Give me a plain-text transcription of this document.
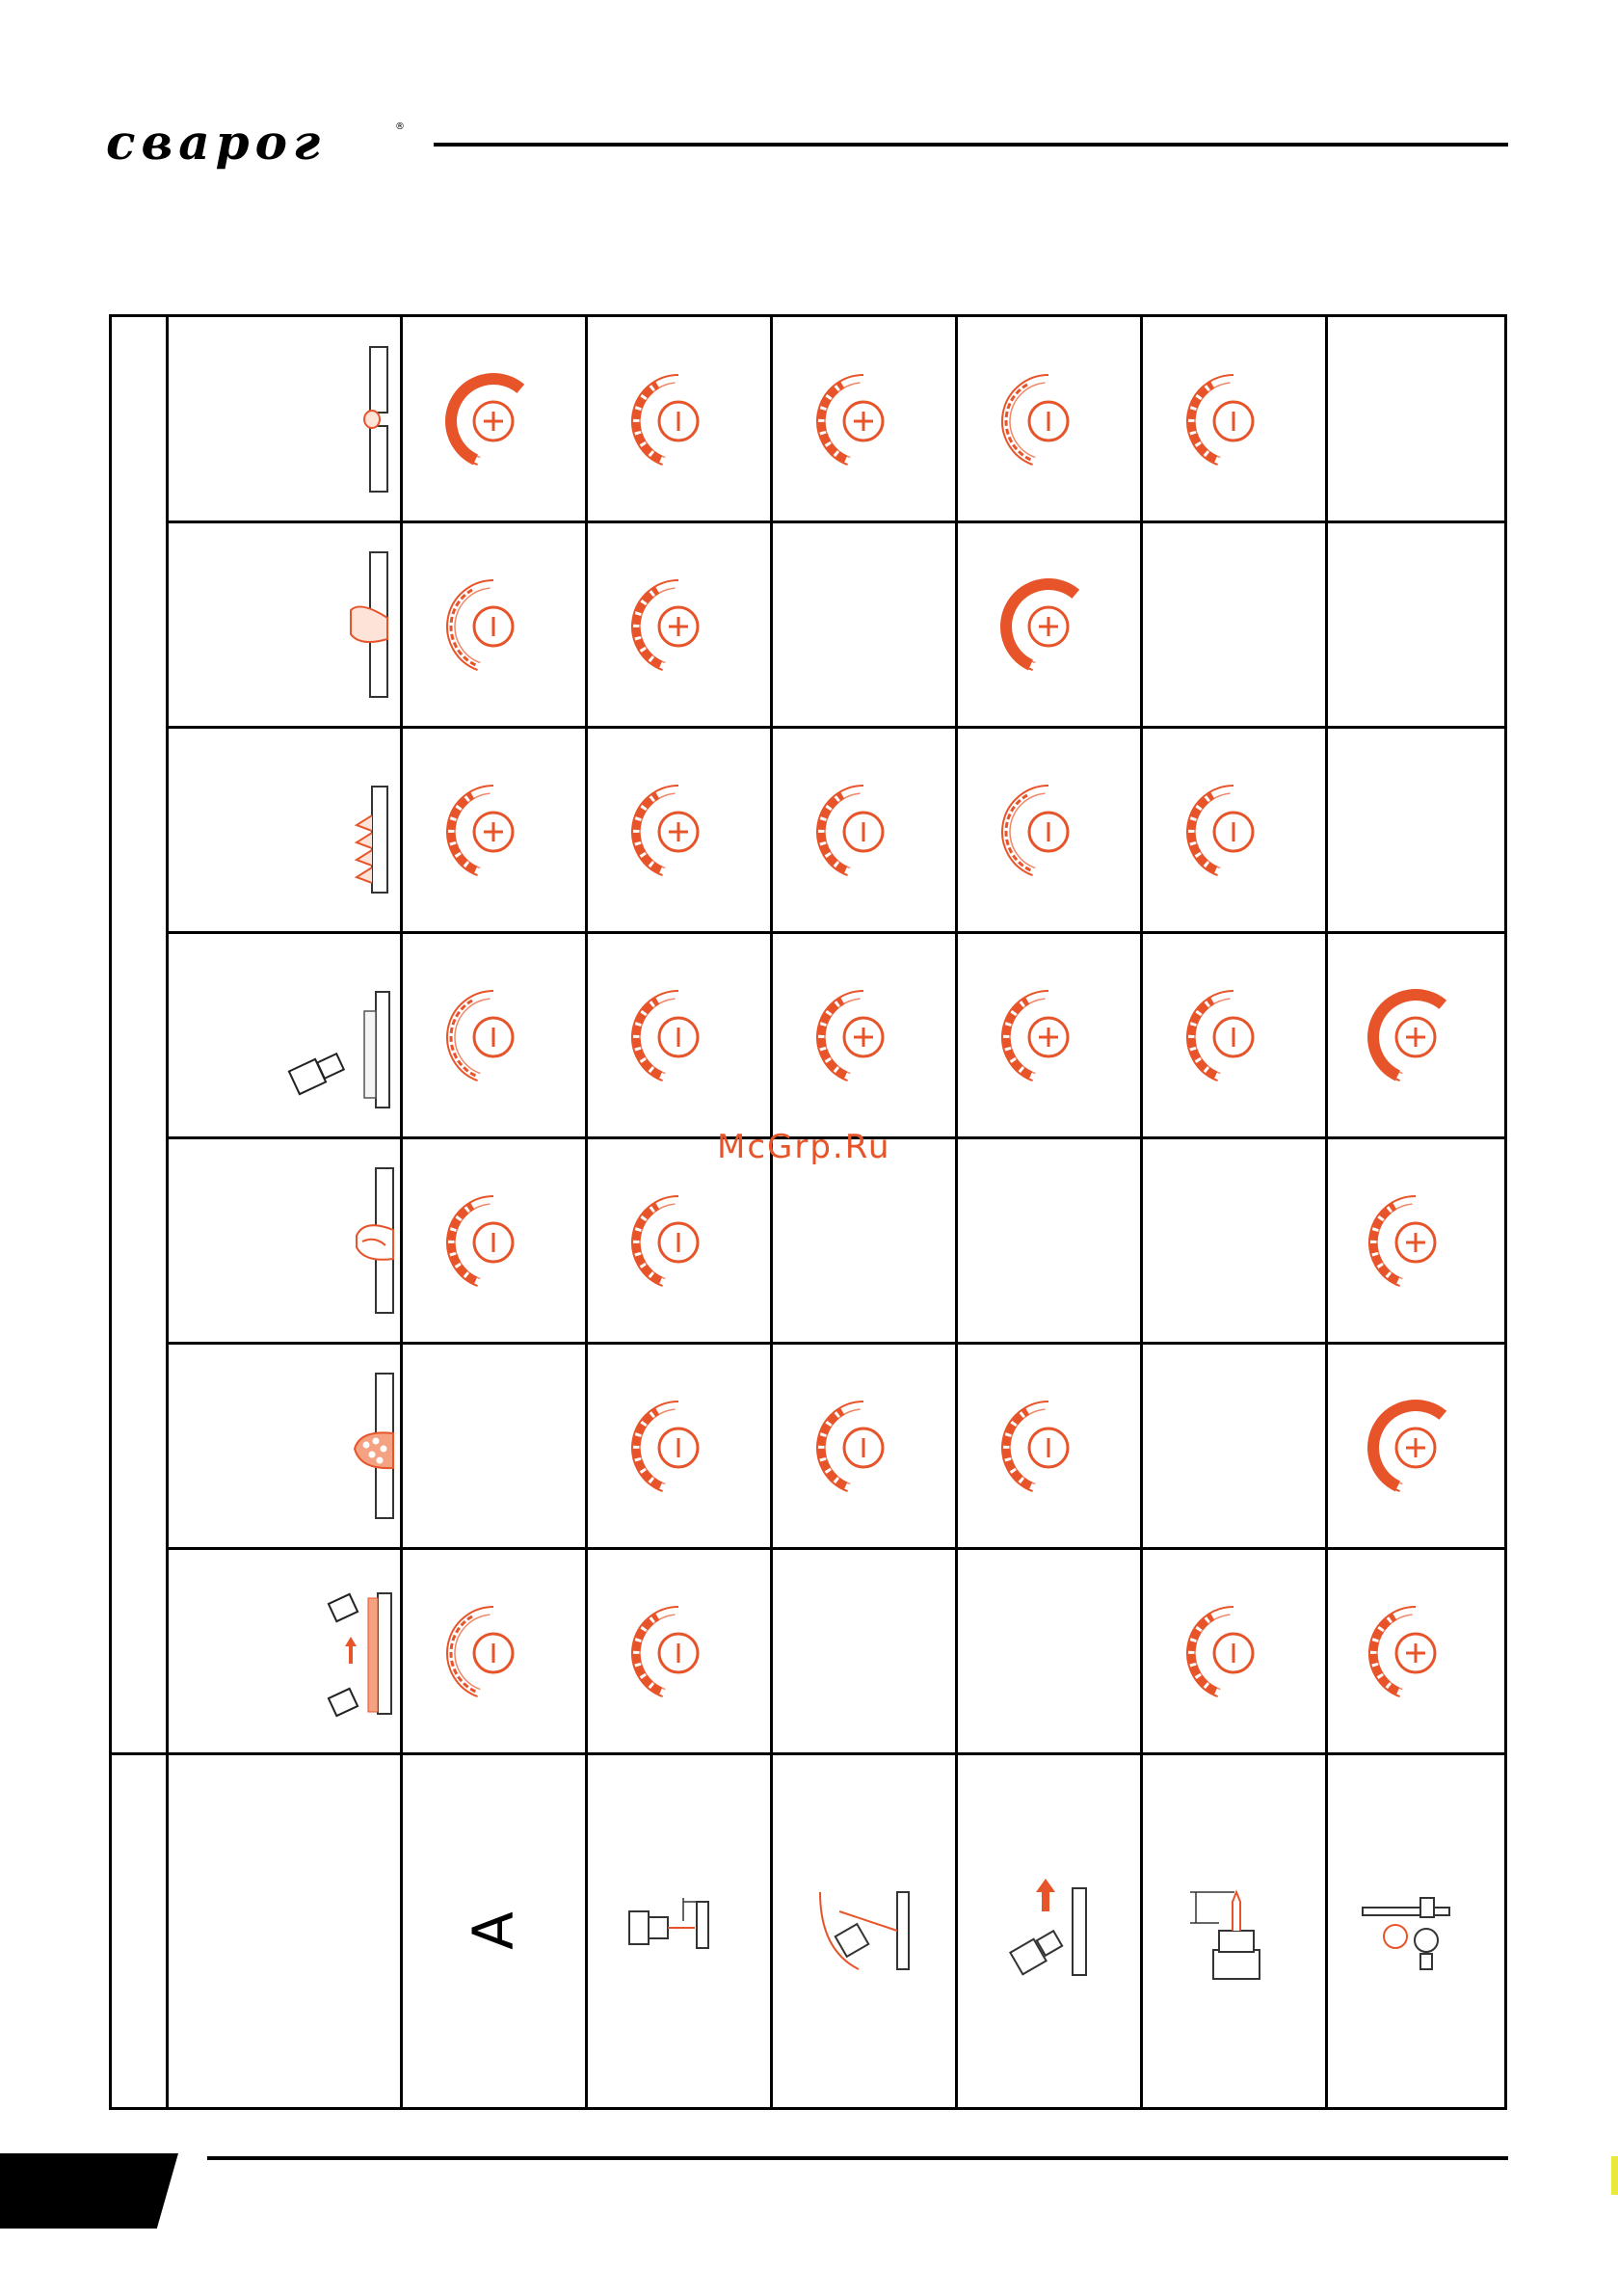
сварог	®
A
McGrp.Ru
